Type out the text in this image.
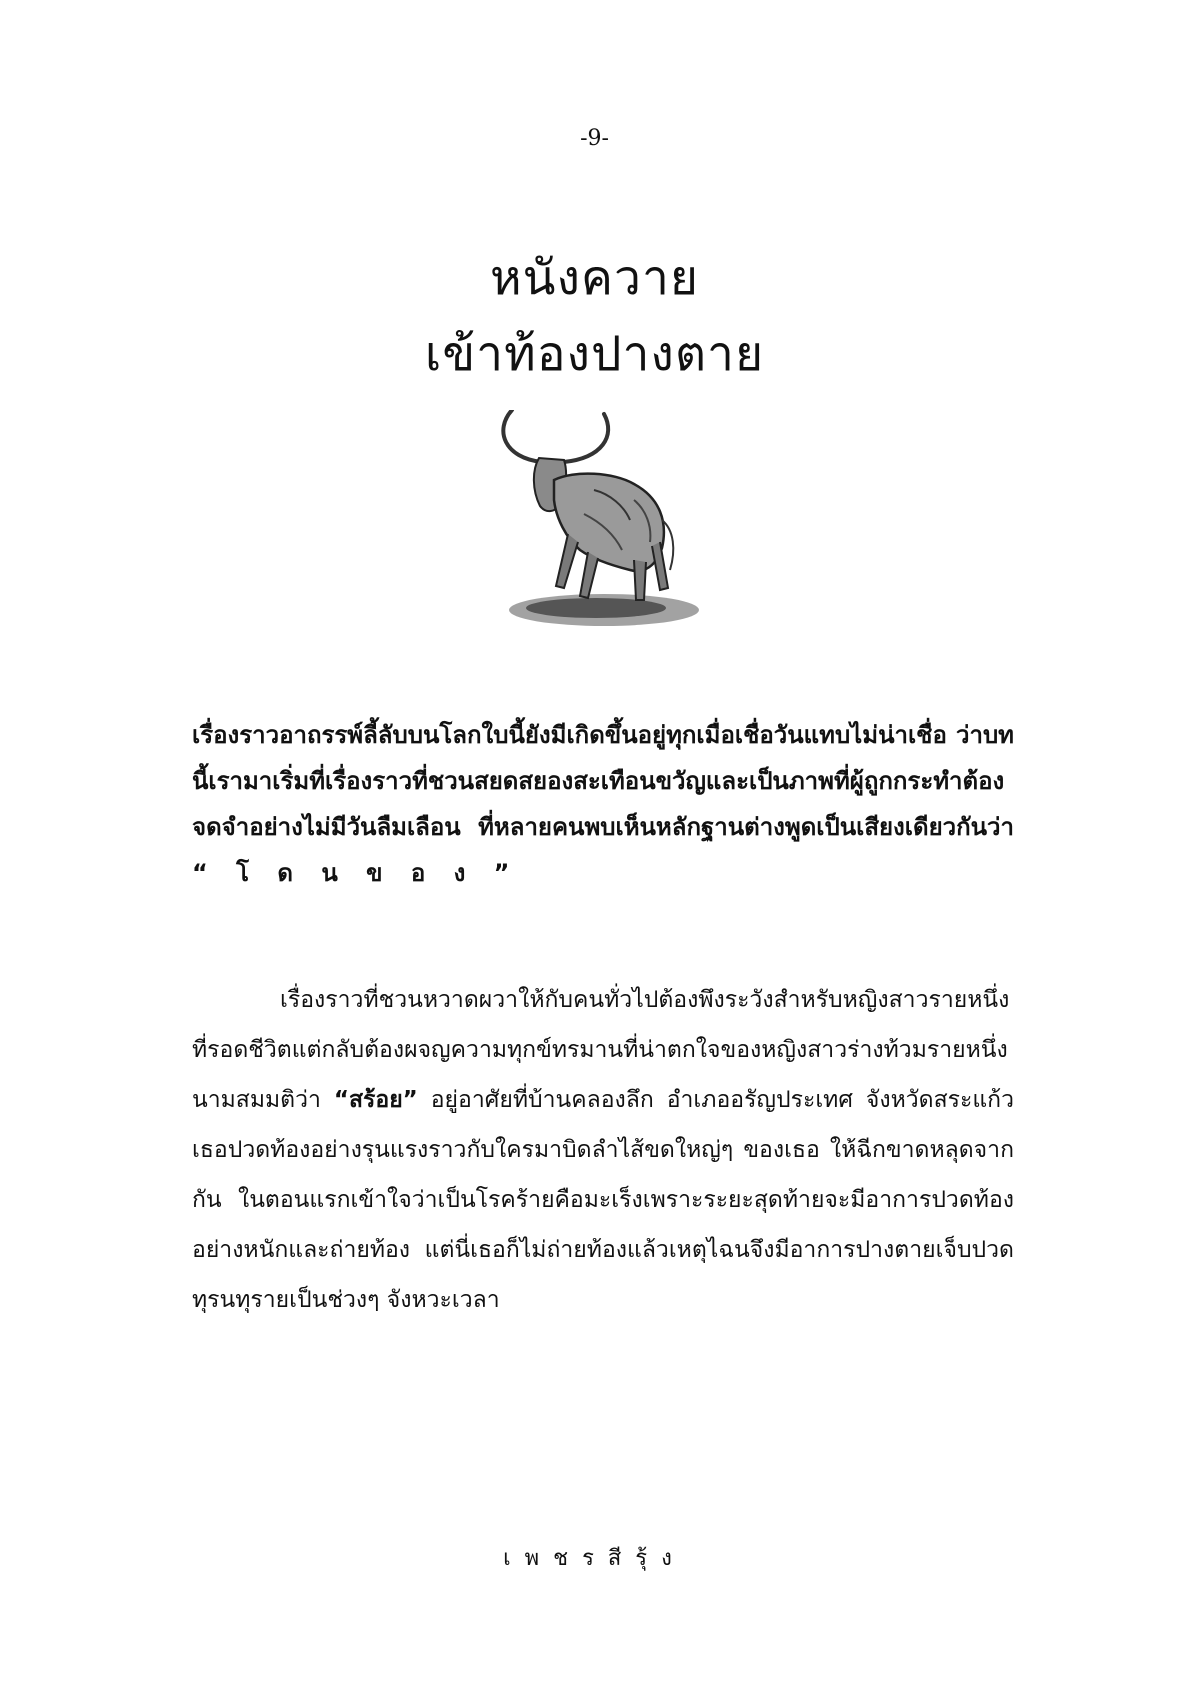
-9-
หนังควาย
เข้าท้องปางตาย
เรื่องราวอาถรรพ์ลี้ลับบนโลกใบนี้ยังมีเกิดขึ้นอยู่ทุกเมื่อเชื่อวันแทบไม่น่าเชื่อ ว่าบทนี้เรามาเริ่มที่เรื่องราวที่ชวนสยดสยองสะเทือนขวัญและเป็นภาพที่ผู้ถูกกระทำต้องจดจำอย่างไม่มีวันลืมเลือน ที่หลายคนพบเห็นหลักฐานต่างพูดเป็นเสียงเดียวกันว่า “ โ ด น ข อ ง ”
เรื่องราวที่ชวนหวาดผวาให้กับคนทั่วไปต้องพึงระวังสำหรับหญิงสาวรายหนึ่งที่รอดชีวิตแต่กลับต้องผจญความทุกข์ทรมานที่น่าตกใจของหญิงสาวร่างท้วมรายหนึ่งนามสมมติว่า “สร้อย” อยู่อาศัยที่บ้านคลองลึก อำเภออรัญประเทศ จังหวัดสระแก้ว เธอปวดท้องอย่างรุนแรงราวกับใครมาบิดลำไส้ขดใหญ่ๆ ของเธอ ให้ฉีกขาดหลุดจากกัน ในตอนแรกเข้าใจว่าเป็นโรคร้ายคือมะเร็งเพราะระยะสุดท้ายจะมีอาการปวดท้องอย่างหนักและถ่ายท้อง แต่นี่เธอก็ไม่ถ่ายท้องแล้วเหตุไฉนจึงมีอาการปางตายเจ็บปวดทุรนทุรายเป็นช่วงๆ จังหวะเวลา
เพชรสีรุ้ง
